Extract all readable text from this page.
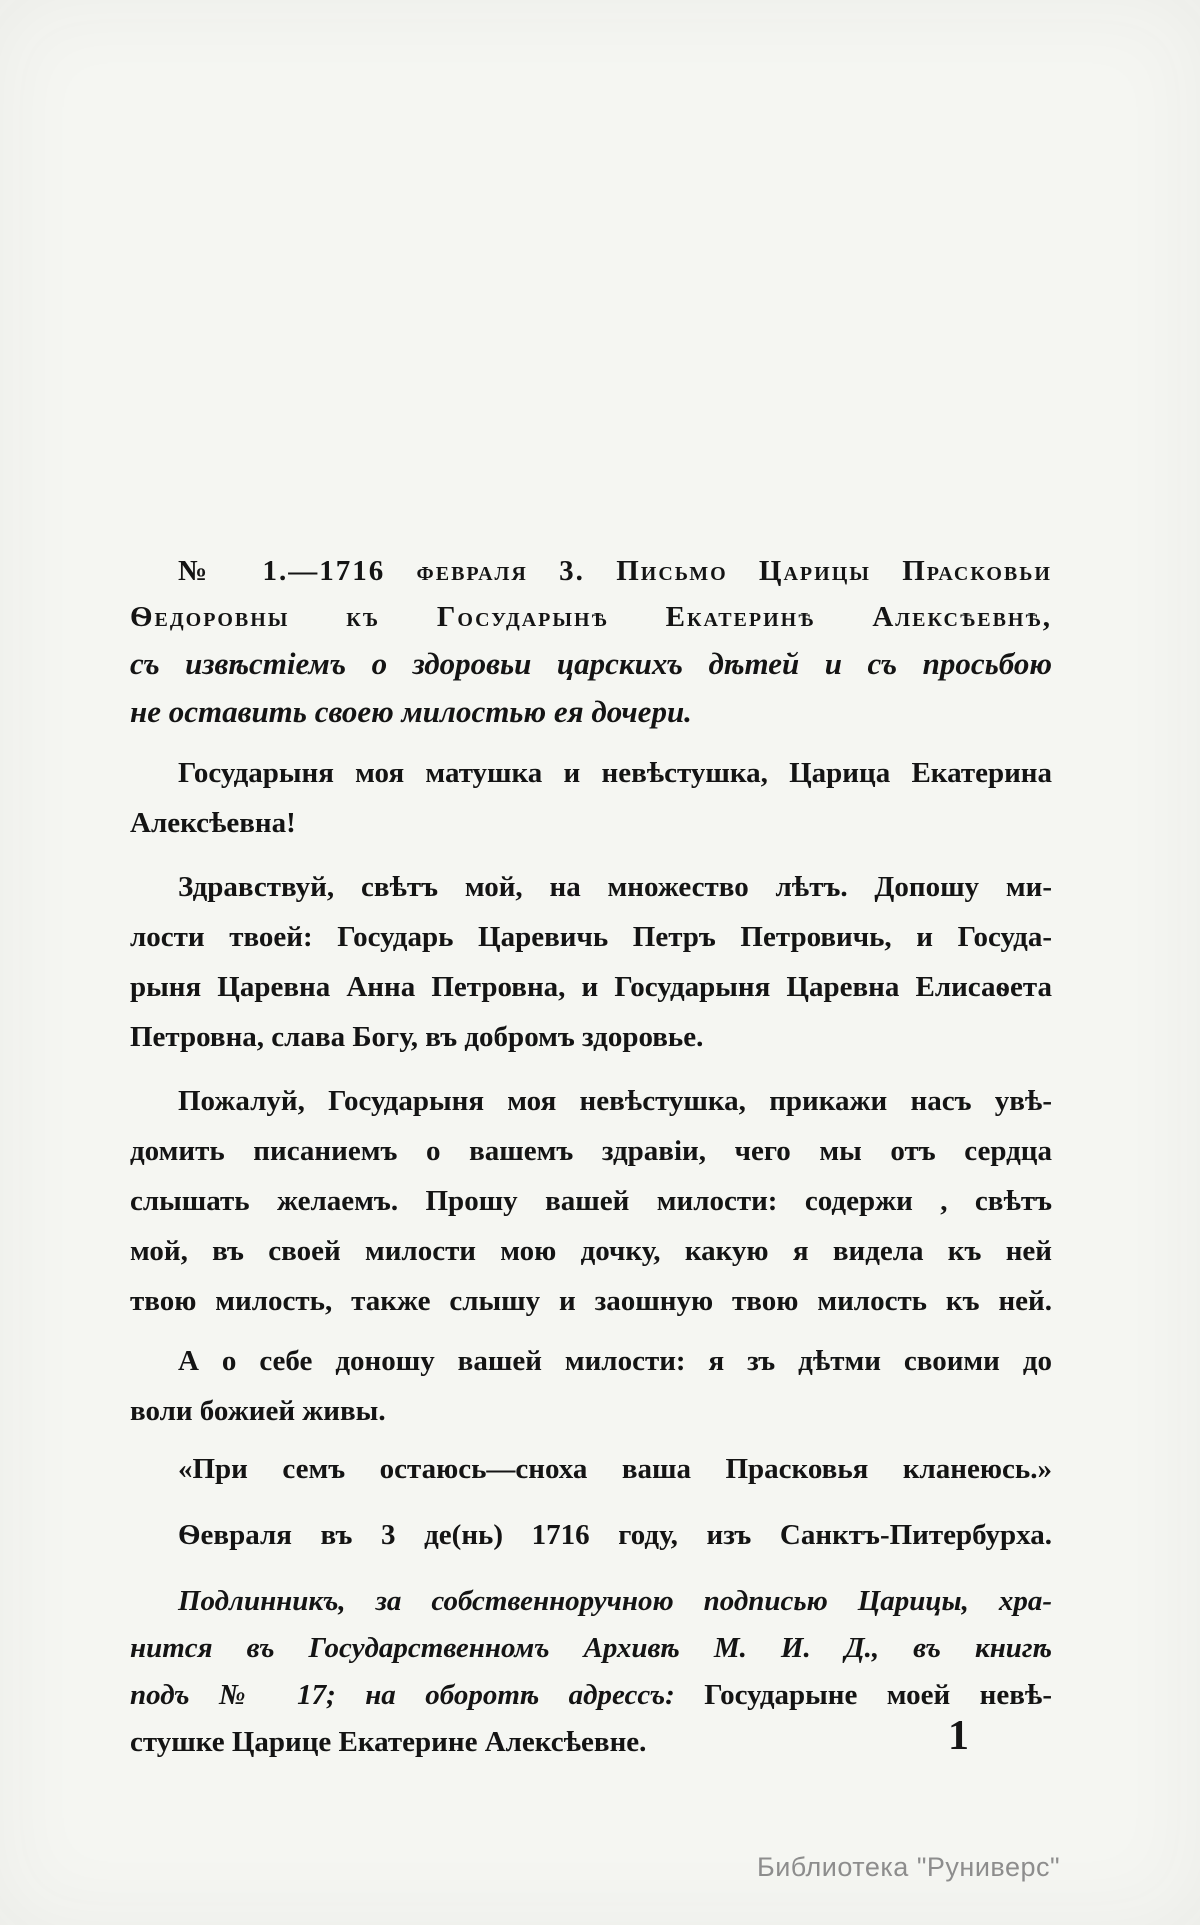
№ 1.—1716 февраля 3. Письмо Царицы Прасковьи
Ѳедоровны къ Государынѣ Екатеринѣ Алексѣевнѣ,
съ извѣстіемъ о здоровьи царскихъ дѣтей и съ просьбою
не оставить своею милостью ея дочери.
Государыня моя матушка и невѣстушка, Царица Екатерина
Алексѣевна!
Здравствуй, свѣтъ мой, на множество лѣтъ. Допошу ми-
лости твоей: Государь Царевичь Петръ Петровичь, и Госуда-
рыня Царевна Анна Петровна, и Государыня Царевна Елисаѳета
Петровна, слава Богу, въ добромъ здоровье.
Пожалуй, Государыня моя невѣстушка, прикажи насъ увѣ-
домить писаниемъ о вашемъ здравіи, чего мы отъ сердца
слышать желаемъ. Прошу вашей милости: содержи , свѣтъ
мой, въ своей милости мою дочку, какую я видела къ ней
твою милость, также слышу и заошную твою милость къ ней.
А о себе доношу вашей милости: я зъ дѣтми своими до
воли божией живы.
«При семъ остаюсь—сноха ваша Прасковья кланеюсь.»
Ѳевраля въ 3 де(нь) 1716 году, изъ Санктъ-Питербурха.
Подлинникъ, за собственноручною подписью Царицы, хра-
нится въ Государственномъ Архивѣ М. И. Д., въ книгѣ
подъ № 17; на оборотѣ адрессъ: Государыне моей невѣ-
стушке Царице Екатерине Алексѣевне.	1
Библиотека "Руниверс"
